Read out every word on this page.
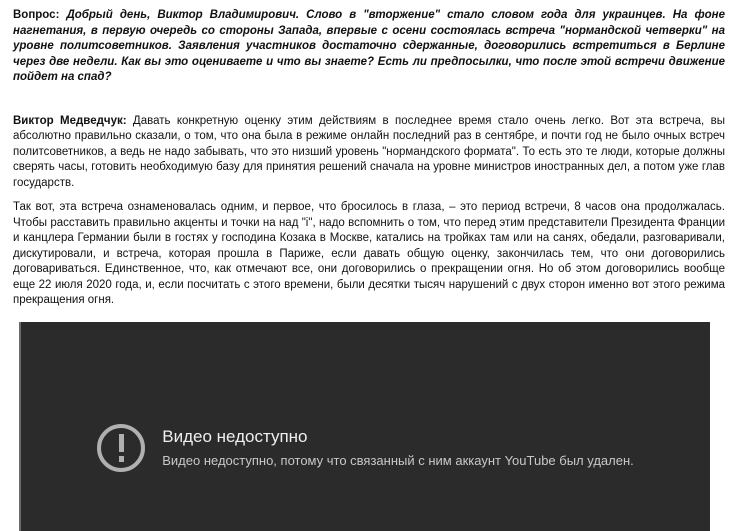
Вопрос: Добрый день, Виктор Владимирович. Слово в "вторжение" стало словом года для украинцев. На фоне нагнетания, в первую очередь со стороны Запада, впервые с осени состоялась встреча "нормандской четверки" на уровне политсоветников. Заявления участников достаточно сдержанные, договорились встретиться в Берлине через две недели. Как вы это оцениваете и что вы знаете? Есть ли предпосылки, что после этой встречи движение пойдет на спад?

Виктор Медведчук: Давать конкретную оценку этим действиям в последнее время стало очень легко. Вот эта встреча, вы абсолютно правильно сказали, о том, что она была в режиме онлайн последний раз в сентябре, и почти год не было очных встреч политсоветников, а ведь не надо забывать, что это низший уровень "нормандского формата". То есть это те люди, которые должны сверять часы, готовить необходимую базу для принятия решений сначала на уровне министров иностранных дел, а потом уже глав государств.

Так вот, эта встреча ознаменовалась одним, и первое, что бросилось в глаза, – это период встречи, 8 часов она продолжалась. Чтобы расставить правильно акценты и точки на над "i", надо вспомнить о том, что перед этим представители Президента Франции и канцлера Германии были в гостях у господина Козака в Москве, катались на тройках там или на санях, обедали, разговаривали, дискутировали, и встреча, которая прошла в Париже, если давать общую оценку, закончилась тем, что они договорились договариваться. Единственное, что, как отмечают все, они договорились о прекращении огня. Но об этом договорились вообще еще 22 июля 2020 года, и, если посчитать с этого времени, были десятки тысяч нарушений с двух сторон именно вот этого режима прекращения огня.

Видео недоступно
Видео недоступно, потому что связанный с ним аккаунт YouTube был удален.
